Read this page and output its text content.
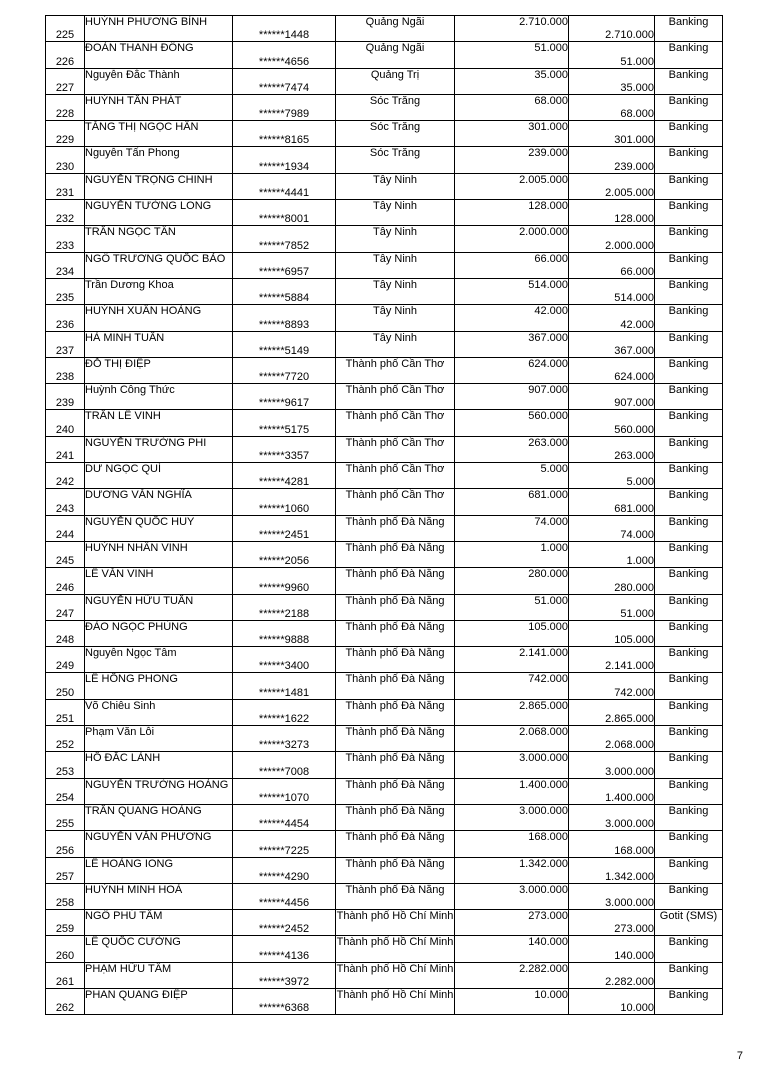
225	HUỲNH PHƯƠNG BÌNH	******1448	Quảng Ngãi	2.710.000	2.710.000	Banking
226	ĐOÀN THANH ĐÔNG	******4656	Quảng Ngãi	51.000	51.000	Banking
227	Nguyễn Đắc Thành	******7474	Quảng Trị	35.000	35.000	Banking
228	HUỲNH TẤN PHÁT	******7989	Sóc Trăng	68.000	68.000	Banking
229	TĂNG THỊ NGỌC HÂN	******8165	Sóc Trăng	301.000	301.000	Banking
230	Nguyễn Tấn Phong	******1934	Sóc Trăng	239.000	239.000	Banking
231	NGUYỄN TRỌNG CHINH	******4441	Tây Ninh	2.005.000	2.005.000	Banking
232	NGUYỄN TƯỜNG LONG	******8001	Tây Ninh	128.000	128.000	Banking
233	TRẦN NGỌC TÂN	******7852	Tây Ninh	2.000.000	2.000.000	Banking
234	NGÔ TRƯƠNG QUỐC BẢO	******6957	Tây Ninh	66.000	66.000	Banking
235	Trần Dương Khoa	******5884	Tây Ninh	514.000	514.000	Banking
236	HUỲNH XUÂN HOÀNG	******8893	Tây Ninh	42.000	42.000	Banking
237	HÀ MINH TUẤN	******5149	Tây Ninh	367.000	367.000	Banking
238	ĐỖ THỊ ĐIỆP	******7720	Thành phố Cần Thơ	624.000	624.000	Banking
239	Huỳnh Công Thức	******9617	Thành phố Cần Thơ	907.000	907.000	Banking
240	TRẦN LÊ VINH	******5175	Thành phố Cần Thơ	560.000	560.000	Banking
241	NGUYỄN TRƯỜNG PHI	******3357	Thành phố Cần Thơ	263.000	263.000	Banking
242	DƯ NGỌC QUÍ	******4281	Thành phố Cần Thơ	5.000	5.000	Banking
243	DƯƠNG VĂN NGHĨA	******1060	Thành phố Cần Thơ	681.000	681.000	Banking
244	NGUYỄN QUỐC HUY	******2451	Thành phố Đà Nẵng	74.000	74.000	Banking
245	HUỲNH NHÂN VINH	******2056	Thành phố Đà Nẵng	1.000	1.000	Banking
246	LÊ VĂN VINH	******9960	Thành phố Đà Nẵng	280.000	280.000	Banking
247	NGUYỄN HỮU TUẤN	******2188	Thành phố Đà Nẵng	51.000	51.000	Banking
248	ĐÀO NGỌC PHÙNG	******9888	Thành phố Đà Nẵng	105.000	105.000	Banking
249	Nguyễn Ngọc Tâm	******3400	Thành phố Đà Nẵng	2.141.000	2.141.000	Banking
250	LÊ HỒNG PHONG	******1481	Thành phố Đà Nẵng	742.000	742.000	Banking
251	Võ Chiêu Sinh	******1622	Thành phố Đà Nẵng	2.865.000	2.865.000	Banking
252	Phạm Văn Lỗi	******3273	Thành phố Đà Nẵng	2.068.000	2.068.000	Banking
253	HỒ ĐẮC LÀNH	******7008	Thành phố Đà Nẵng	3.000.000	3.000.000	Banking
254	NGUYỄN TRƯỜNG HOÀNG	******1070	Thành phố Đà Nẵng	1.400.000	1.400.000	Banking
255	TRẦN QUANG HOÀNG	******4454	Thành phố Đà Nẵng	3.000.000	3.000.000	Banking
256	NGUYỄN VĂN PHƯƠNG	******7225	Thành phố Đà Nẵng	168.000	168.000	Banking
257	LÊ HOÀNG IONG	******4290	Thành phố Đà Nẵng	1.342.000	1.342.000	Banking
258	HUỲNH MINH HOÀ	******4456	Thành phố Đà Nẵng	3.000.000	3.000.000	Banking
259	NGÔ PHÚ TÂM	******2452	Thành phố Hồ Chí Minh	273.000	273.000	Gotit (SMS)
260	LÊ QUỐC CƯỜNG	******4136	Thành phố Hồ Chí Minh	140.000	140.000	Banking
261	PHẠM HỮU TÂM	******3972	Thành phố Hồ Chí Minh	2.282.000	2.282.000	Banking
262	PHAN QUANG ĐIỆP	******6368	Thành phố Hồ Chí Minh	10.000	10.000	Banking
7
